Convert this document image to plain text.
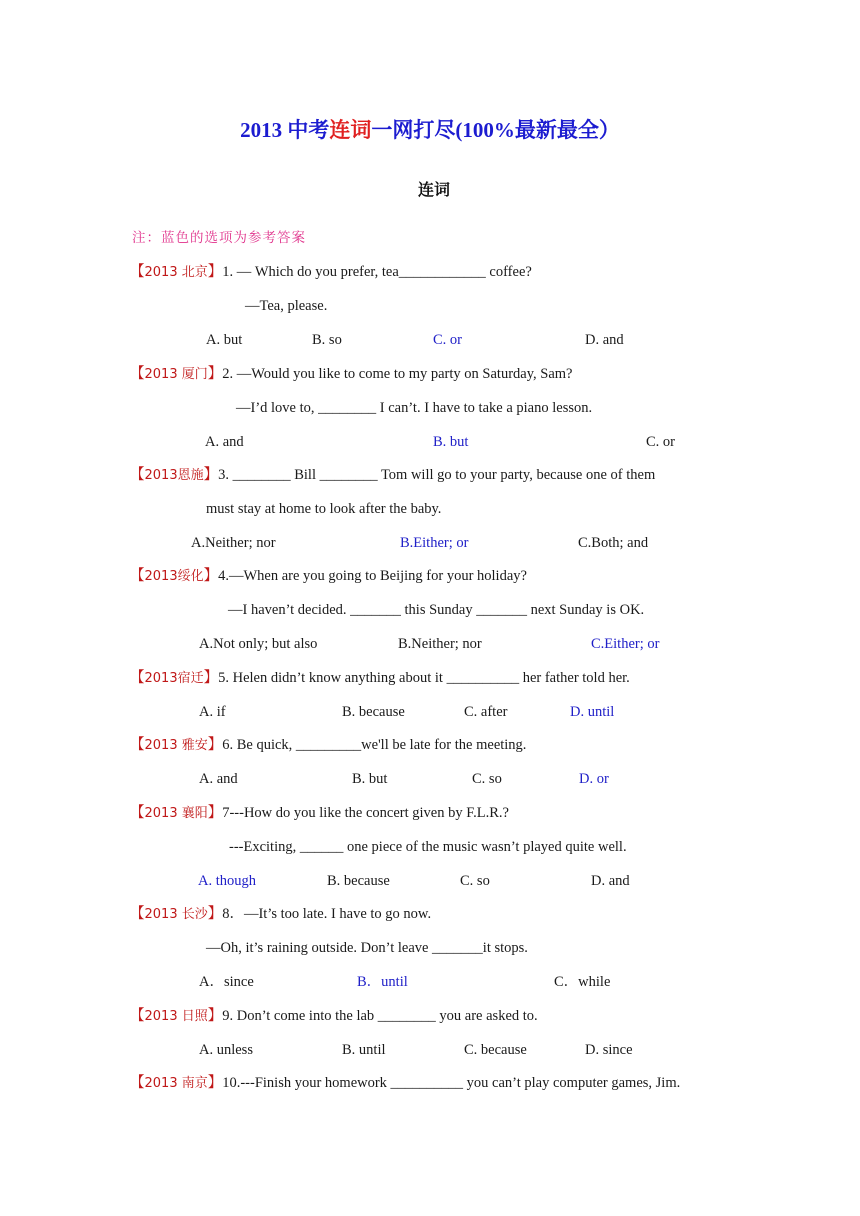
2013 中考连词一网打尽(100%最新最全）
连词
注：蓝色的选项为参考答案
【2013 北京】1. — Which do you prefer, tea____________ coffee?
—Tea, please.
A. but	B. so	C. or	D. and
【2013 厦门】2. —Would you like to come to my party on Saturday, Sam?
—I’d love to, ________ I can’t. I have to take a piano lesson.
A. and	B. but	C. or
【2013恩施】3. ________ Bill ________ Tom will go to your party, because one of them
must stay at home to look after the baby.
A.Neither; nor	B.Either; or	C.Both; and
【2013绥化】4.—When are you going to Beijing for your holiday?
—I haven’t decided. _______ this Sunday _______ next Sunday is OK.
A.Not only; but also	B.Neither; nor	C.Either; or
【2013宿迁】5. Helen didn’t know anything about it __________ her father told her.
A. if	B. because	C. after	D. until
【2013 雅安】6. Be quick, _________we'll be late for the meeting.
A. and	B. but	C. so	D. or
【2013 襄阳】7---How do you like the concert given by F.L.R.?
---Exciting, ______ one piece of the music wasn’t played quite well.
A. though	B. because	C. so	D. and
【2013 长沙】8．—It’s too late. I have to go now.
—Oh, it’s raining outside. Don’t leave _______it stops.
A．since	B．until	C．while
【2013 日照】9. Don’t come into the lab ________ you are asked to.
A. unless	B. until	C. because	D. since
【2013 南京】10.---Finish your homework __________ you can’t play computer games, Jim.
